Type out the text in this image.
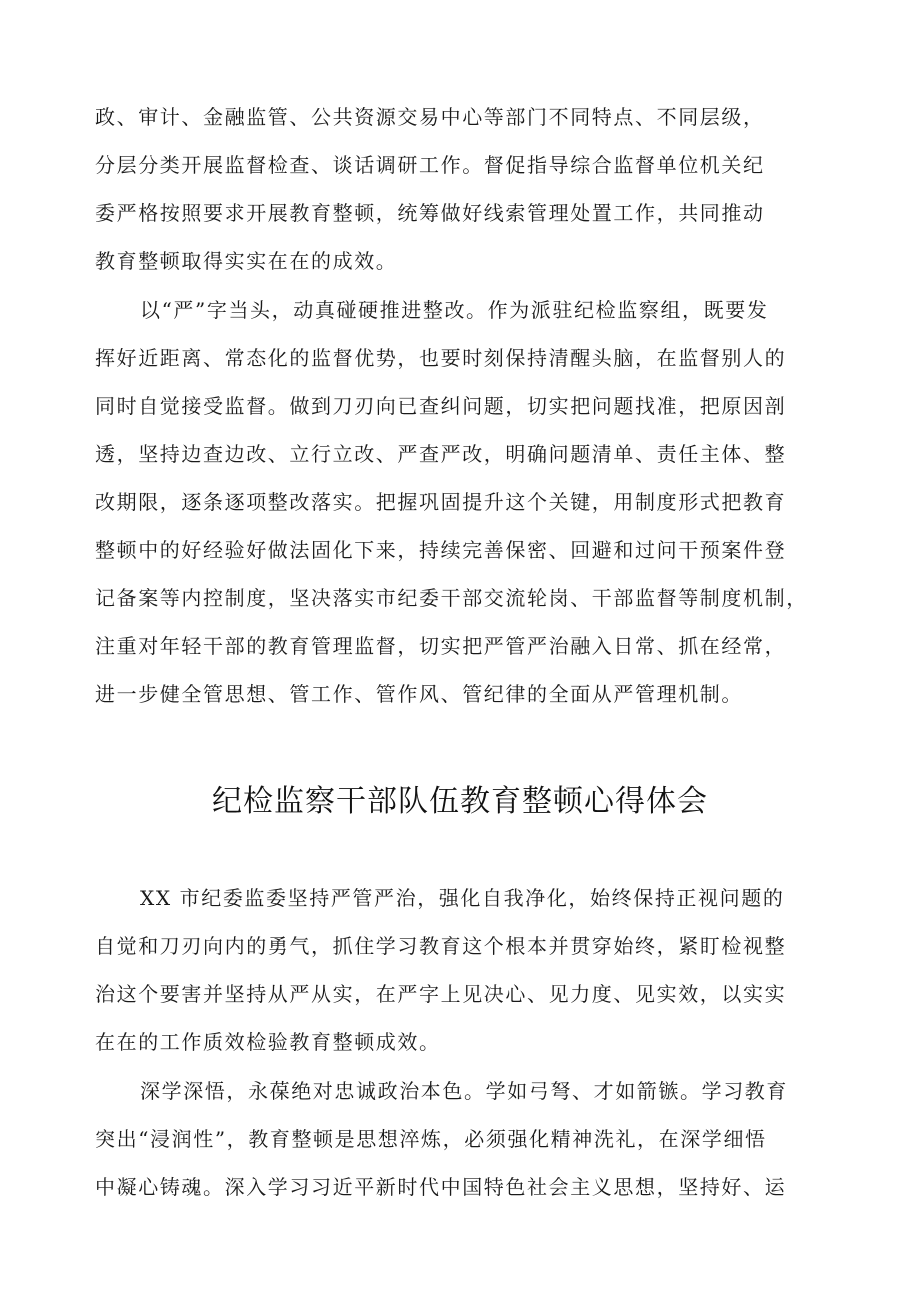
政、审计、金融监管、公共资源交易中心等部门不同特点、不同层级，
分层分类开展监督检查、谈话调研工作。督促指导综合监督单位机关纪
委严格按照要求开展教育整顿，统筹做好线索管理处置工作，共同推动
教育整顿取得实实在在的成效。
以“严”字当头，动真碰硬推进整改。作为派驻纪检监察组，既要发
挥好近距离、常态化的监督优势，也要时刻保持清醒头脑，在监督别人的
同时自觉接受监督。做到刀刃向已查纠问题，切实把问题找准，把原因剖
透，坚持边查边改、立行立改、严查严改，明确问题清单、责任主体、整
改期限，逐条逐项整改落实。把握巩固提升这个关键，用制度形式把教育
整顿中的好经验好做法固化下来，持续完善保密、回避和过问干预案件登
记备案等内控制度，坚决落实市纪委干部交流轮岗、干部监督等制度机制，
注重对年轻干部的教育管理监督，切实把严管严治融入日常、抓在经常，
进一步健全管思想、管工作、管作风、管纪律的全面从严管理机制。
纪检监察干部队伍教育整顿心得体会
XX 市纪委监委坚持严管严治，强化自我净化，始终保持正视问题的
自觉和刀刃向内的勇气，抓住学习教育这个根本并贯穿始终，紧盯检视整
治这个要害并坚持从严从实，在严字上见决心、见力度、见实效，以实实
在在的工作质效检验教育整顿成效。
深学深悟，永葆绝对忠诚政治本色。学如弓弩、才如箭镞。学习教育
突出“浸润性”，教育整顿是思想淬炼，必须强化精神洗礼，在深学细悟
中凝心铸魂。深入学习习近平新时代中国特色社会主义思想，坚持好、运
